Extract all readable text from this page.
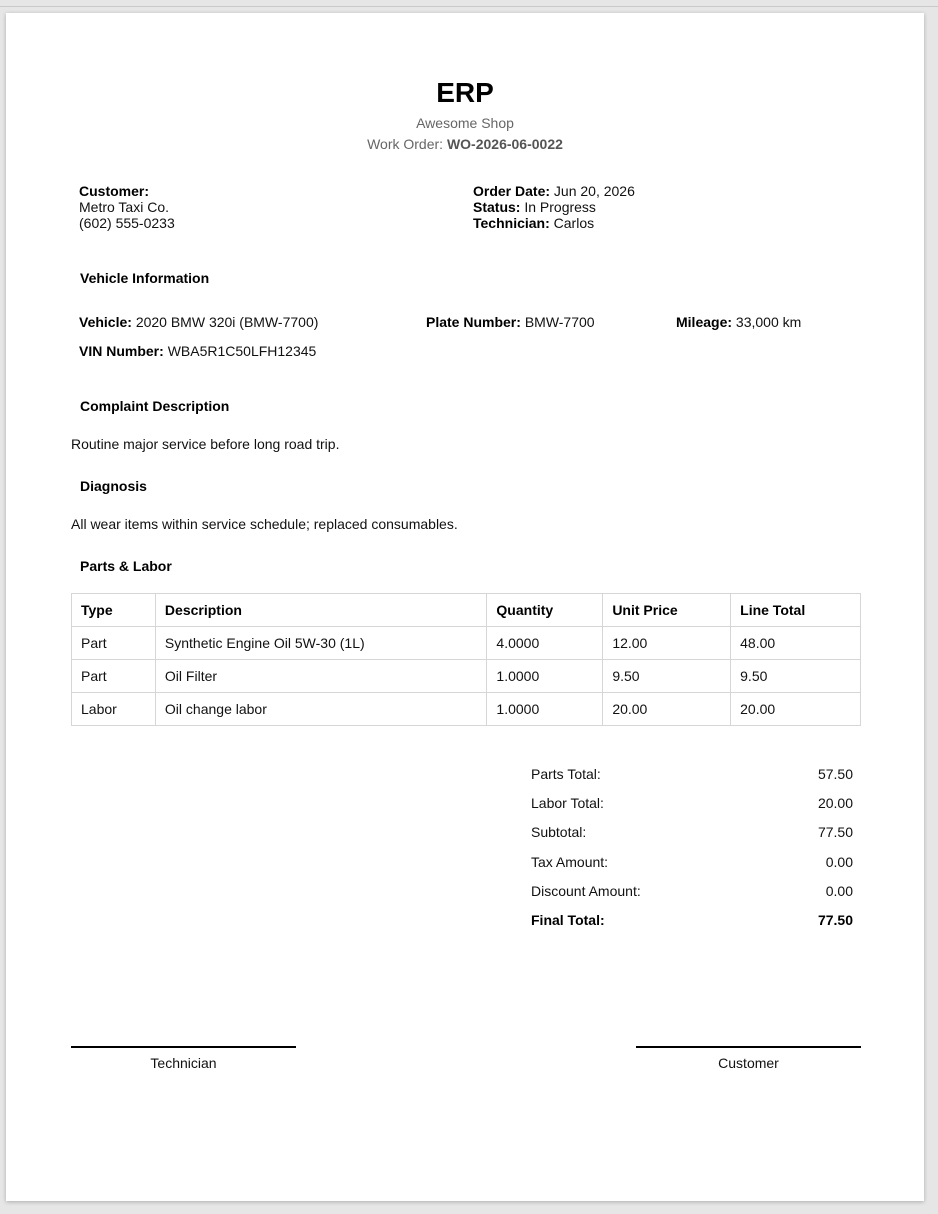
ERP
Awesome Shop
Work Order: WO-2026-06-0022
Customer:
Metro Taxi Co.
(602) 555-0233
Order Date: Jun 20, 2026
Status: In Progress
Technician: Carlos
Vehicle Information
Vehicle: 2020 BMW 320i (BMW-7700)	Plate Number: BMW-7700	Mileage: 33,000 km
VIN Number: WBA5R1C50LFH12345
Complaint Description
Routine major service before long road trip.
Diagnosis
All wear items within service schedule; replaced consumables.
Parts & Labor
Type	Description	Quantity	Unit Price	Line Total
Part	Synthetic Engine Oil 5W-30 (1L)	4.0000	12.00	48.00
Part	Oil Filter	1.0000	9.50	9.50
Labor	Oil change labor	1.0000	20.00	20.00
Parts Total:	57.50
Labor Total:	20.00
Subtotal:	77.50
Tax Amount:	0.00
Discount Amount:	0.00
Final Total:	77.50
Technician	Customer
